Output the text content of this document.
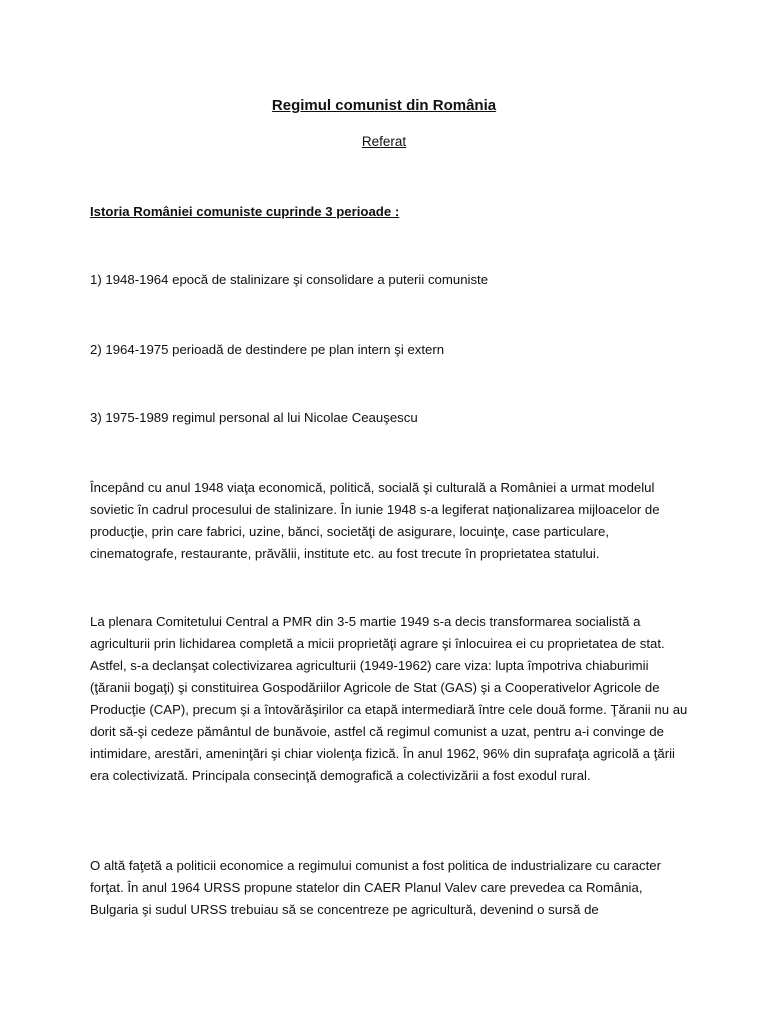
Regimul comunist din România
Referat
Istoria României comuniste cuprinde 3 perioade :
1) 1948-1964 epocă de stalinizare şi consolidare a puterii comuniste
2) 1964-1975 perioadă de destindere pe plan intern şi extern
3) 1975-1989 regimul personal al lui Nicolae Ceauşescu
Începând cu anul 1948 viaţa economică, politică, socială şi culturală a României a urmat modelul sovietic în cadrul procesului de stalinizare. În iunie 1948 s-a legiferat naţionalizarea mijloacelor de producţie, prin care fabrici, uzine, bănci, societăţi de asigurare, locuinţe, case particulare, cinematografe, restaurante, prăvălii, institute etc. au fost trecute în proprietatea statului.
La plenara Comitetului Central a PMR din 3-5 martie 1949 s-a decis transformarea socialistă a agriculturii prin lichidarea completă a micii proprietăţi agrare şi înlocuirea ei cu proprietatea de stat. Astfel, s-a declanşat colectivizarea agriculturii (1949-1962) care viza: lupta împotriva chiaburimii (ţăranii bogaţi) şi constituirea Gospodăriilor Agricole de Stat (GAS) şi a Cooperativelor Agricole de Producţie (CAP), precum şi a întovărăşirilor ca etapă intermediară între cele două forme. Ţăranii nu au dorit să-şi cedeze pământul de bunăvoie, astfel că regimul comunist a uzat, pentru a-i convinge de intimidare, arestări, ameninţări şi chiar violenţa fizică. În anul 1962, 96% din suprafaţa agricolă a ţării era colectivizată. Principala consecinţă demografică a colectivizării a fost exodul rural.
O altă faţetă a politicii economice a regimului comunist a fost politica de industrializare cu caracter forţat. În anul 1964 URSS propune statelor din CAER Planul Valev care prevedea ca România, Bulgaria şi sudul URSS trebuiau să se concentreze pe agricultură, devenind o sursă de
